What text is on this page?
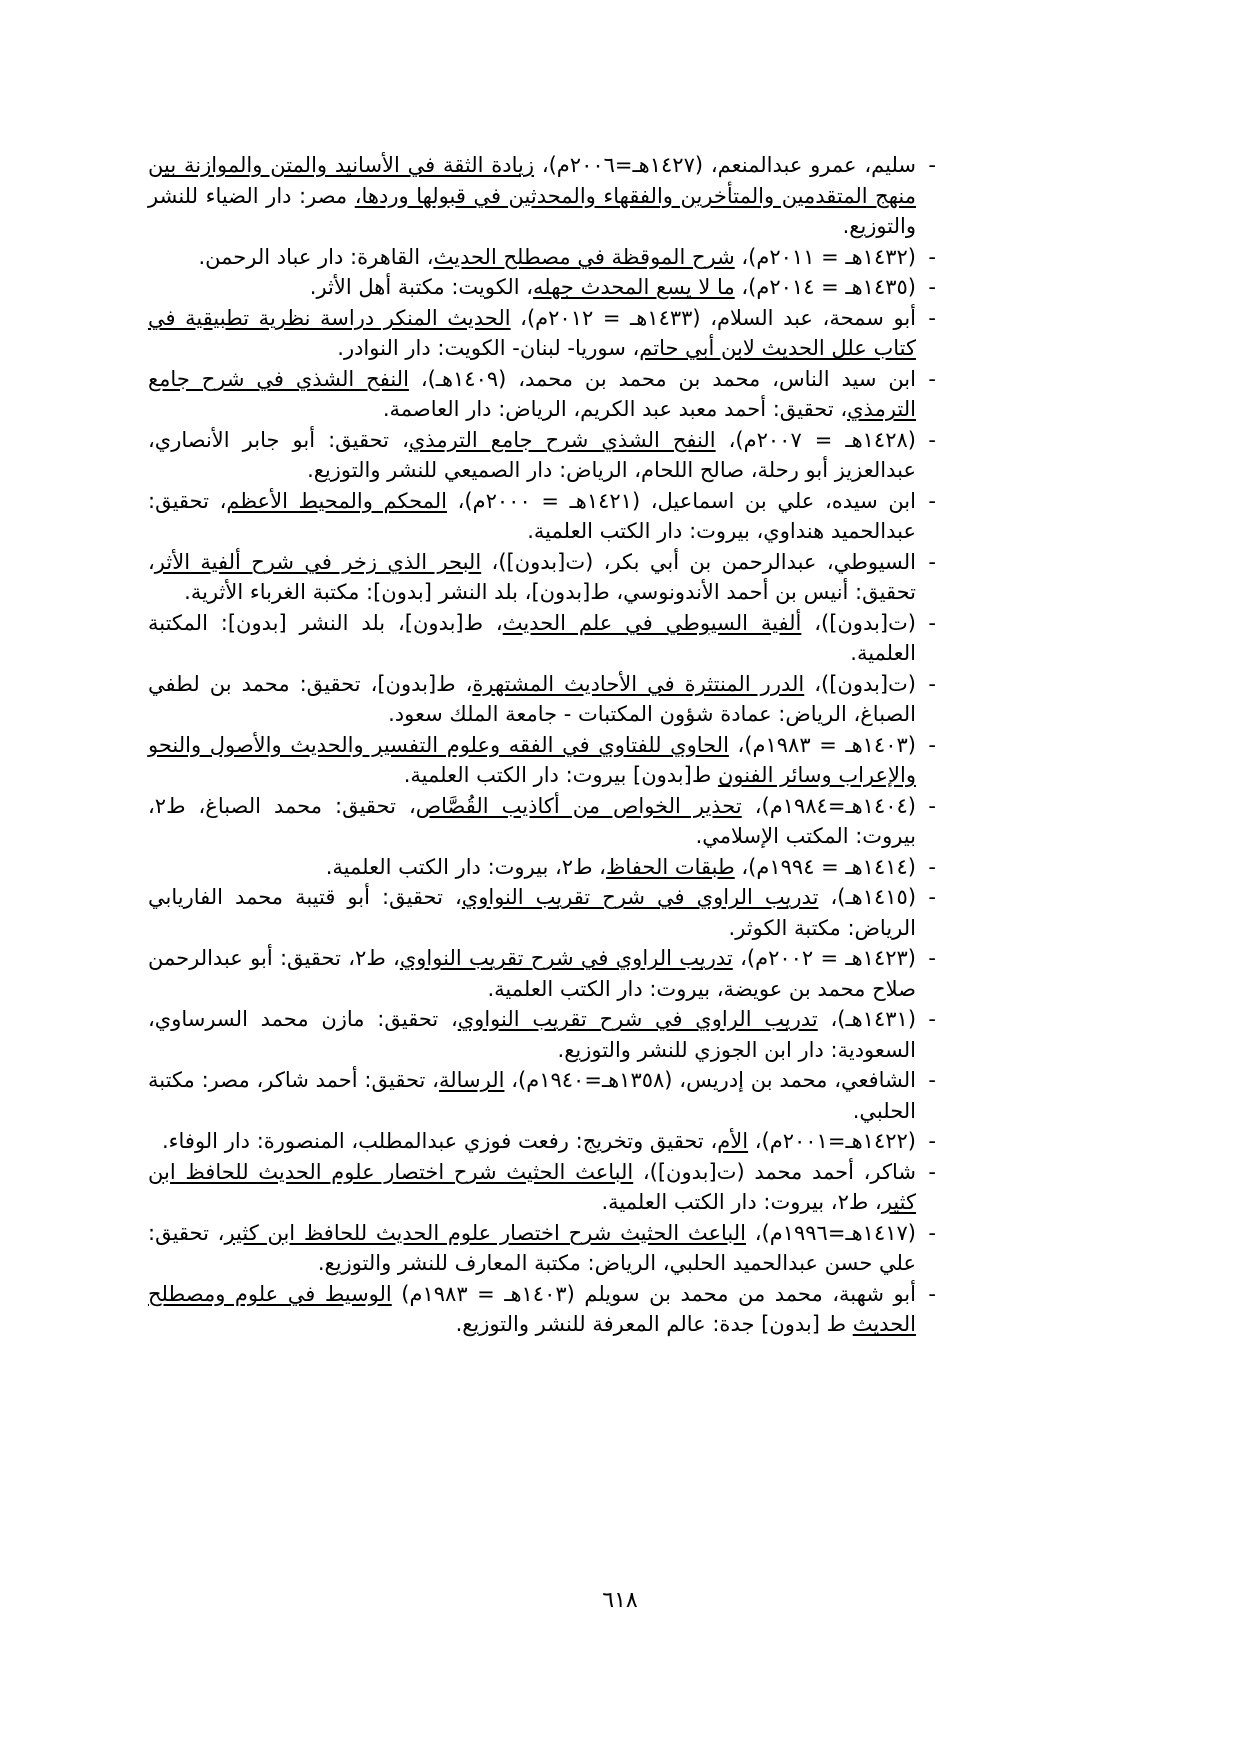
-
سليم، عمرو عبدالمنعم، (١٤٢٧هـ=٢٠٠٦م)، زيادة الثقة في الأسانيد والمتن والموازنة بين منهج المتقدمين والمتأخرين والفقهاء والمحدثين في قبولها وردها، مصر: دار الضياء للنشر والتوزيع.

-
(١٤٣٢هـ = ٢٠١١م)، شرح الموقظة في مصطلح الحديث، القاهرة: دار عباد الرحمن.

-
(١٤٣٥هـ = ٢٠١٤م)، ما لا يسع المحدث جهله، الكويت: مكتبة أهل الأثر.

-
أبو سمحة، عبد السلام، (١٤٣٣هـ = ٢٠١٢م)، الحديث المنكر دراسة نظرية تطبيقية في كتاب علل الحديث لابن أبي حاتم، سوريا- لبنان- الكويت: دار النوادر.

-
ابن سيد الناس، محمد بن محمد بن محمد، (١٤٠٩هـ)، النفح الشذي في شرح جامع الترمذي، تحقيق: أحمد معبد عبد الكريم، الرياض: دار العاصمة.

-
(١٤٢٨هـ = ٢٠٠٧م)، النفح الشذي شرح جامع الترمذي، تحقيق: أبو جابر الأنصاري، عبدالعزيز أبو رحلة، صالح اللحام، الرياض: دار الصميعي للنشر والتوزيع.

-
ابن سيده، علي بن اسماعيل، (١٤٢١هـ = ٢٠٠٠م)، المحكم والمحيط الأعظم، تحقيق: عبدالحميد هنداوي، بيروت: دار الكتب العلمية.

-
السيوطي، عبدالرحمن بن أبي بكر، (ت[بدون])، البحر الذي زخر في شرح ألفية الأثر، تحقيق: أنيس بن أحمد الأندونوسي، ط[بدون]، بلد النشر [بدون]: مكتبة الغرباء الأثرية.

-
(ت[بدون])، ألفية السيوطي في علم الحديث، ط[بدون]، بلد النشر [بدون]: المكتبة العلمية.

-
(ت[بدون])، الدرر المنتثرة في الأحاديث المشتهرة، ط[بدون]، تحقيق: محمد بن لطفي الصباغ، الرياض: عمادة شؤون المكتبات - جامعة الملك سعود.

-
(١٤٠٣هـ = ١٩٨٣م)، الحاوي للفتاوي في الفقه وعلوم التفسير والحديث والأصول والنحو والإعراب وسائر الفنون ط[بدون] بيروت: دار الكتب العلمية.

-
(١٤٠٤هـ=١٩٨٤م)، تحذير الخواص من أكاذيب القُصَّاص، تحقيق: محمد الصباغ، ط٢، بيروت: المكتب الإسلامي.

-
(١٤١٤هـ = ١٩٩٤م)، طبقات الحفاظ، ط٢، بيروت: دار الكتب العلمية.

-
(١٤١٥هـ)، تدريب الراوي في شرح تقريب النواوي، تحقيق: أبو قتيبة محمد الفاريابي الرياض: مكتبة الكوثر.

-
(١٤٢٣هـ = ٢٠٠٢م)، تدريب الراوي في شرح تقريب النواوي، ط٢، تحقيق: أبو عبدالرحمن صلاح محمد بن عويضة، بيروت: دار الكتب العلمية.

-
(١٤٣١هـ)، تدريب الراوي في شرح تقريب النواوي، تحقيق: مازن محمد السرساوي، السعودية: دار ابن الجوزي للنشر والتوزيع.

-
الشافعي، محمد بن إدريس، (١٣٥٨هـ=١٩٤٠م)، الرسالة، تحقيق: أحمد شاكر، مصر: مكتبة الحلبي.

-
(١٤٢٢هـ=٢٠٠١م)، الأم، تحقيق وتخريج: رفعت فوزي عبدالمطلب، المنصورة: دار الوفاء.

-
شاكر، أحمد محمد (ت[بدون])، الباعث الحثيث شرح اختصار علوم الحديث للحافظ ابن كثير، ط٢، بيروت: دار الكتب العلمية.

-
(١٤١٧هـ=١٩٩٦م)، الباعث الحثيث شرح اختصار علوم الحديث للحافظ ابن كثير، تحقيق: علي حسن عبدالحميد الحلبي، الرياض: مكتبة المعارف للنشر والتوزيع.

-
أبو شهبة، محمد من محمد بن سويلم (١٤٠٣هـ = ١٩٨٣م) الوسيط في علوم ومصطلح الحديث ط [بدون] جدة: عالم المعرفة للنشر والتوزيع.

٦١٨
